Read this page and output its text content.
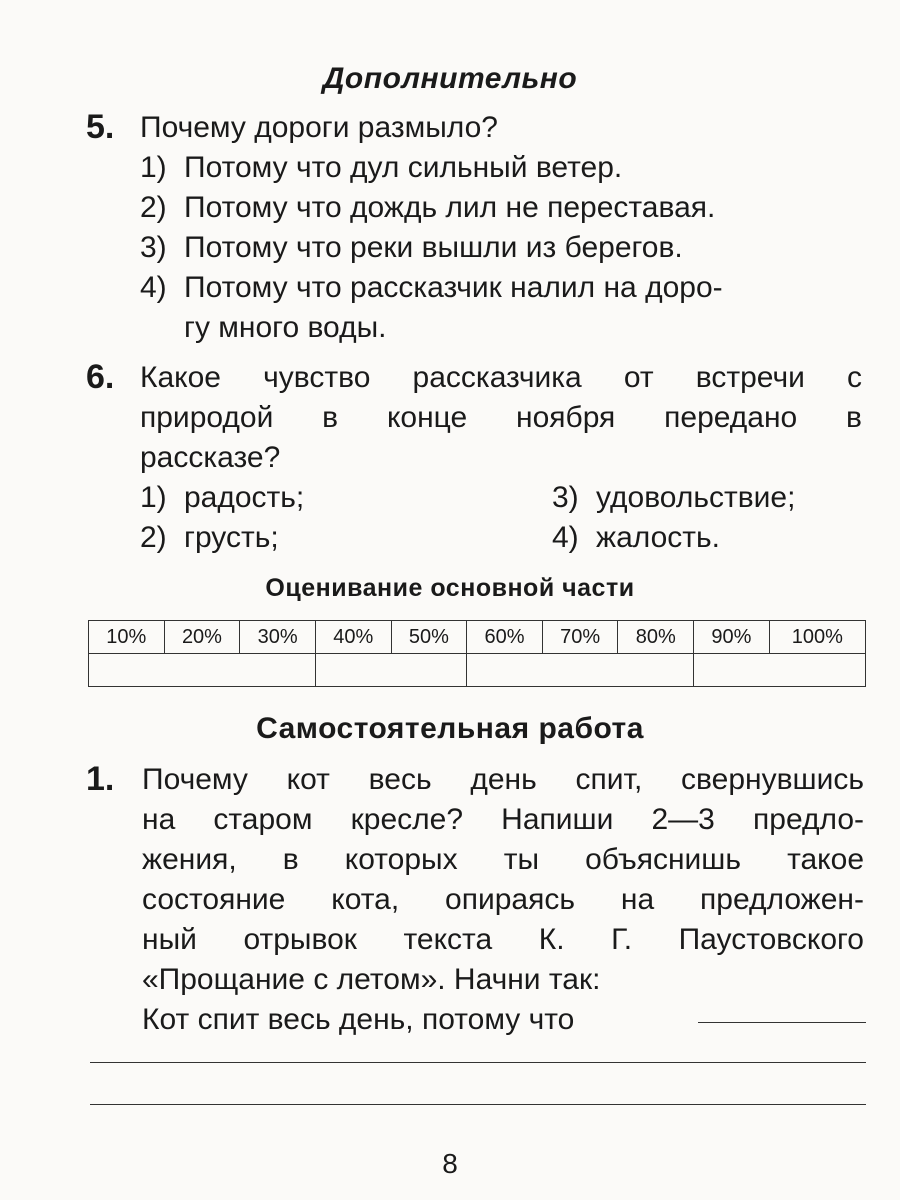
Дополнительно
5. Почему дороги размыло?
1) Потому что дул сильный ветер.
2) Потому что дождь лил не переставая.
3) Потому что реки вышли из берегов.
4) Потому что рассказчик налил на доро-
гу много воды.
6. Какое чувство рассказчика от встречи с
природой в конце ноября передано в
рассказе?
1) радость;
2) грусть;
3) удовольствие;
4) жалость.
Оценивание основной части
10%	20%	30%	40%	50%	60%	70%	80%	90%	100%

Самостоятельная работа
1. Почему кот весь день спит, свернувшись
на старом кресле? Напиши 2—3 предло-
жения, в которых ты объяснишь такое
состояние кота, опираясь на предложен-
ный отрывок текста К. Г. Паустовского
«Прощание с летом». Начни так:
Кот спит весь день, потому что
8
